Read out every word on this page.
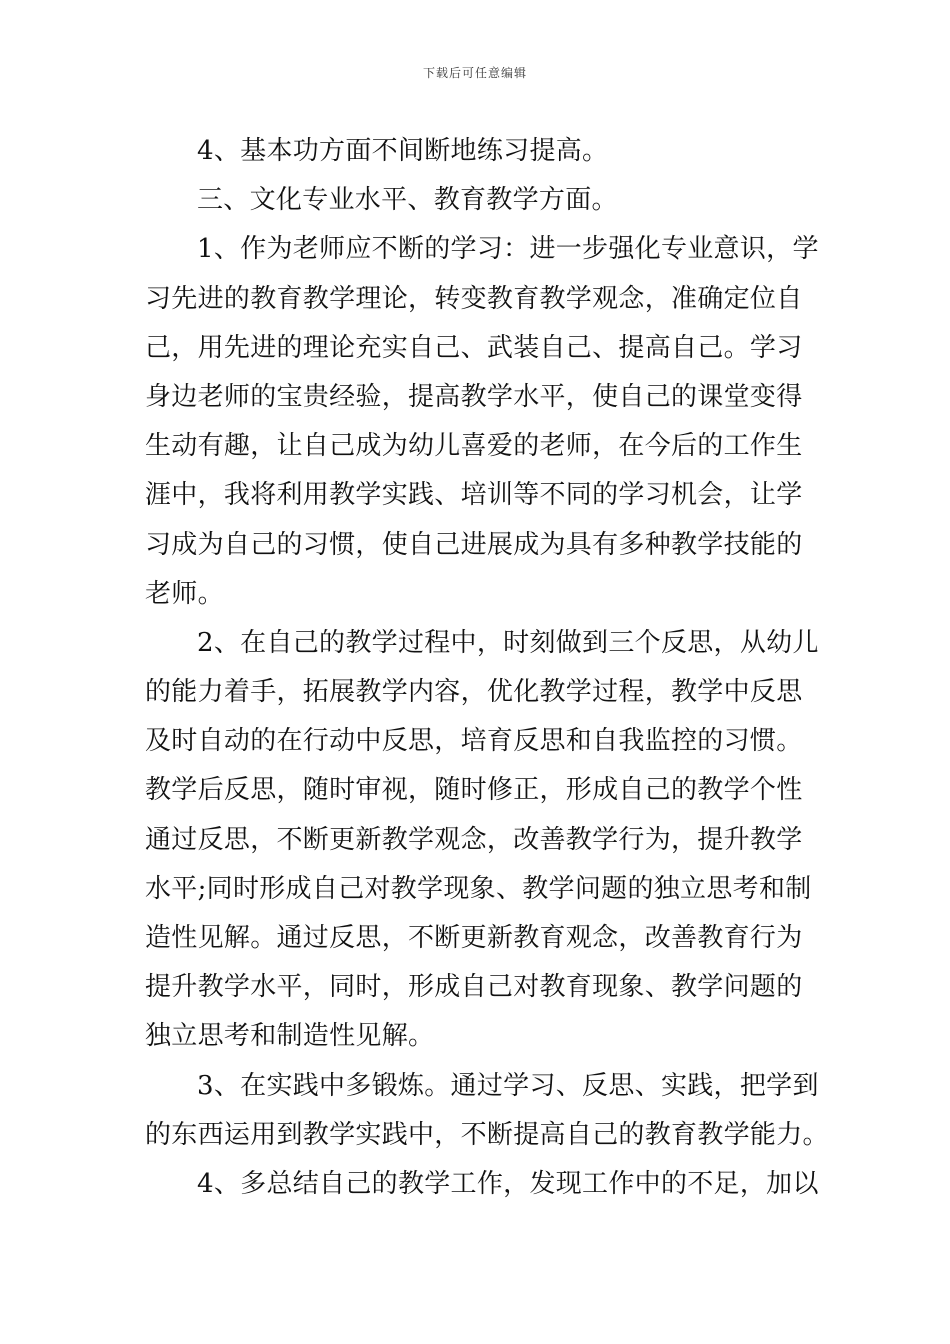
下载后可任意编辑
4、基本功方面不间断地练习提高。
三、文化专业水平、教育教学方面。
1、作为老师应不断的学习：进一步强化专业意识，学
习先进的教育教学理论，转变教育教学观念，准确定位自
己，用先进的理论充实自己、武装自己、提高自己。学习
身边老师的宝贵经验，提高教学水平，使自己的课堂变得
生动有趣，让自己成为幼儿喜爱的老师，在今后的工作生
涯中，我将利用教学实践、培训等不同的学习机会，让学
习成为自己的习惯，使自己进展成为具有多种教学技能的
老师。
2、在自己的教学过程中，时刻做到三个反思，从幼儿
的能力着手，拓展教学内容，优化教学过程，教学中反思
及时自动的在行动中反思，培育反思和自我监控的习惯。
教学后反思，随时审视，随时修正，形成自己的教学个性
通过反思，不断更新教学观念，改善教学行为，提升教学
水平;同时形成自己对教学现象、教学问题的独立思考和制
造性见解。通过反思，不断更新教育观念，改善教育行为
提升教学水平，同时，形成自己对教育现象、教学问题的
独立思考和制造性见解。
3、在实践中多锻炼。通过学习、反思、实践，把学到
的东西运用到教学实践中，不断提高自己的教育教学能力。
4、多总结自己的教学工作，发现工作中的不足，加以
